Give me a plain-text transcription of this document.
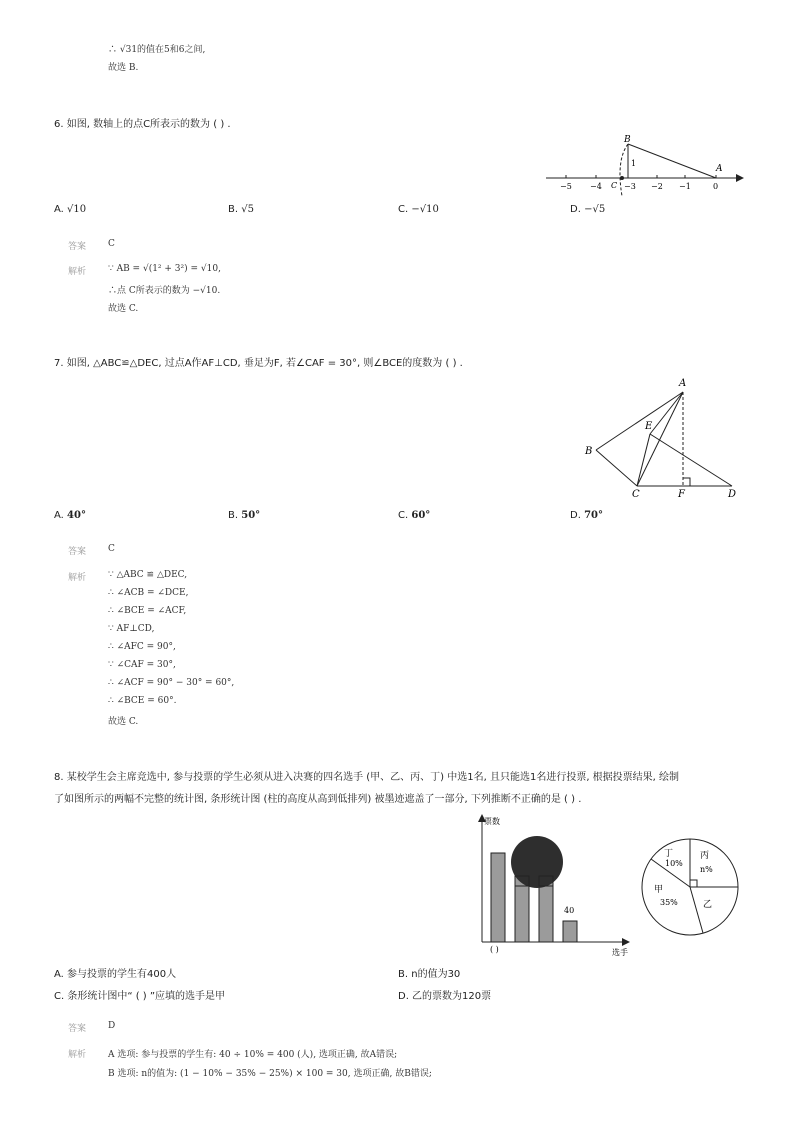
∴ √31的值在5和6之间,
故选 B.
6. 如图, 数轴上的点C所表示的数为 ( ) .
B
A
C
1
−5 −4	−3 −2 −1	0
A. √10	B. √5	C. −√10	D. −√5
答案 C
解析 ∵ AB = √(1² + 3²) = √10,
∴点 C所表示的数为 −√10.
故选 C.
7. 如图, △ABC≌△DEC, 过点A作AF⊥CD, 垂足为F, 若∠CAF = 30°, 则∠BCE的度数为 ( ) .
A
B
C	D
E
F
A. 40°	B. 50°	C. 60°	D. 70°
答案 C
解析 ∵ △ABC ≌ △DEC,
∴ ∠ACB = ∠DCE,
∴ ∠BCE = ∠ACF,
∵ AF⊥CD,
∴ ∠AFC = 90°,
∵ ∠CAF = 30°,
∴ ∠ACF = 90° − 30° = 60°,
∴ ∠BCE = 60°.
故选 C.
8. 某校学生会主席竞选中, 参与投票的学生必须从进入决赛的四名选手 (甲、乙、丙、丁) 中选1名, 且只能选1名进行投票, 根据投票结果, 绘制
了如图所示的两幅不完整的统计图, 条形统计图 (柱的高度从高到低排列) 被墨迹遮盖了一部分, 下列推断不正确的是 ( ) .
票数
选手
( )
40
丁
10%
丙
n%
甲
35%	乙
A. 参与投票的学生有400人	B. n的值为30
C. 条形统计图中“ ( ) ”应填的选手是甲	D. 乙的票数为120票
答案 D
解析 A 选项: 参与投票的学生有: 40 ÷ 10% = 400 (人), 选项正确, 故A错误;
B 选项: n的值为: (1 − 10% − 35% − 25%) × 100 = 30, 选项正确, 故B错误;
